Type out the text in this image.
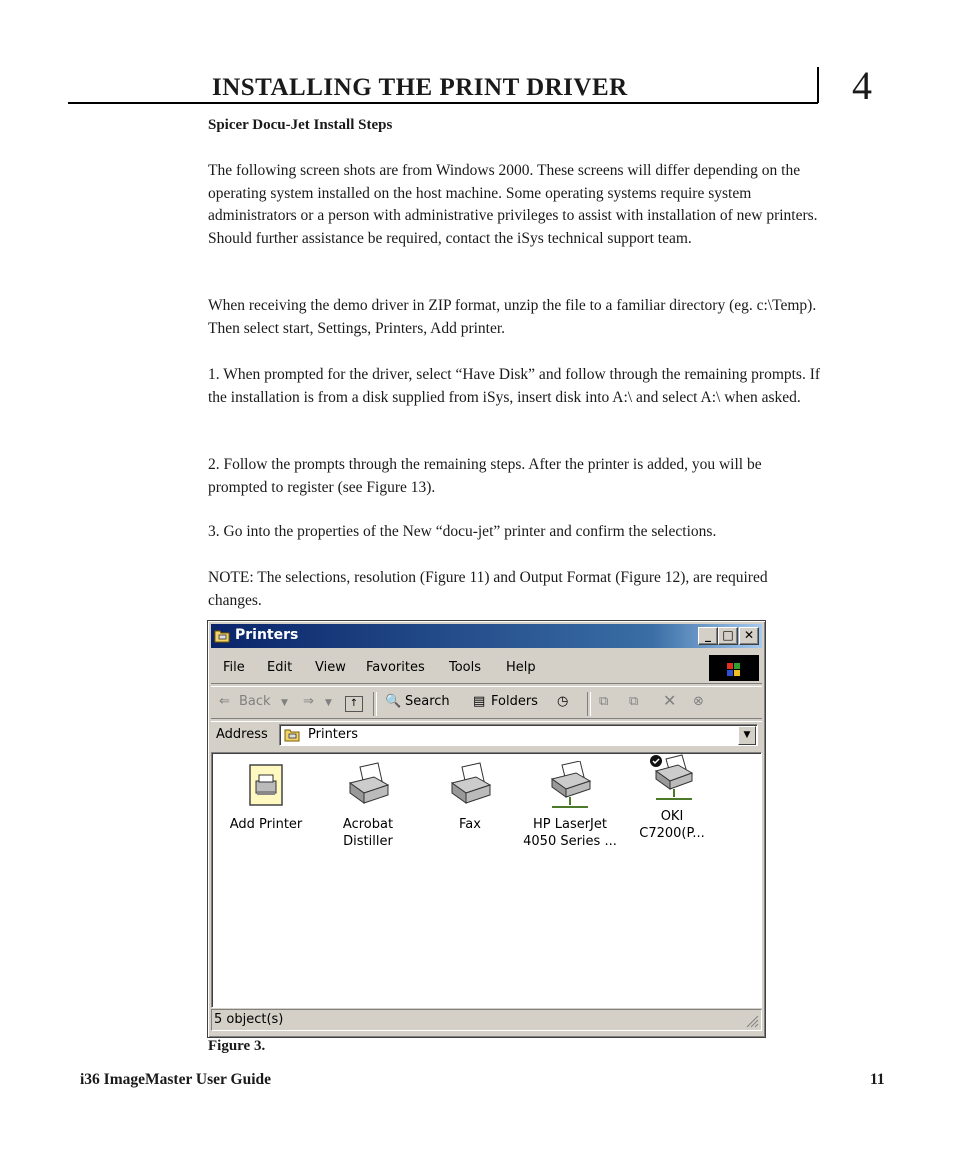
INSTALLING THE PRINT DRIVER	4
Spicer Docu-Jet Install Steps

The following screen shots are from Windows 2000. These screens will differ depending on the operating system installed on the host machine. Some operating systems require system administrators or a person with administrative privileges to assist with installation of new printers. Should further assistance be required, contact the iSys technical support team.

When receiving the demo driver in ZIP format, unzip the file to a familiar directory (eg. c:\Temp). Then select start, Settings, Printers, Add printer.

1. When prompted for the driver, select “Have Disk” and follow through the remaining prompts. If the installation is from a disk supplied from iSys, insert disk into A:\ and select A:\ when asked.

2. Follow the prompts through the remaining steps. After the printer is added, you will be prompted to register (see Figure 13).

3. Go into the properties of the New “docu-jet” printer and confirm the selections.

NOTE: The selections, resolution (Figure 11) and Output Format (Figure 12), are required changes.

Printers	_ □ ✕
File Edit View Favorites Tools Help
⇐ Back ▼ ⇒ ▼	↑	🔍 Search ▤ Folders ◷ ⧉ ⧉ ✕ ⊗
Address	Printers	▼
Add Printer	Acrobat
Distiller
Fax	HP LaserJet
4050 Series ...
OKI
C7200(P...
5 object(s)
Figure 3.
i36 ImageMaster User Guide	11
